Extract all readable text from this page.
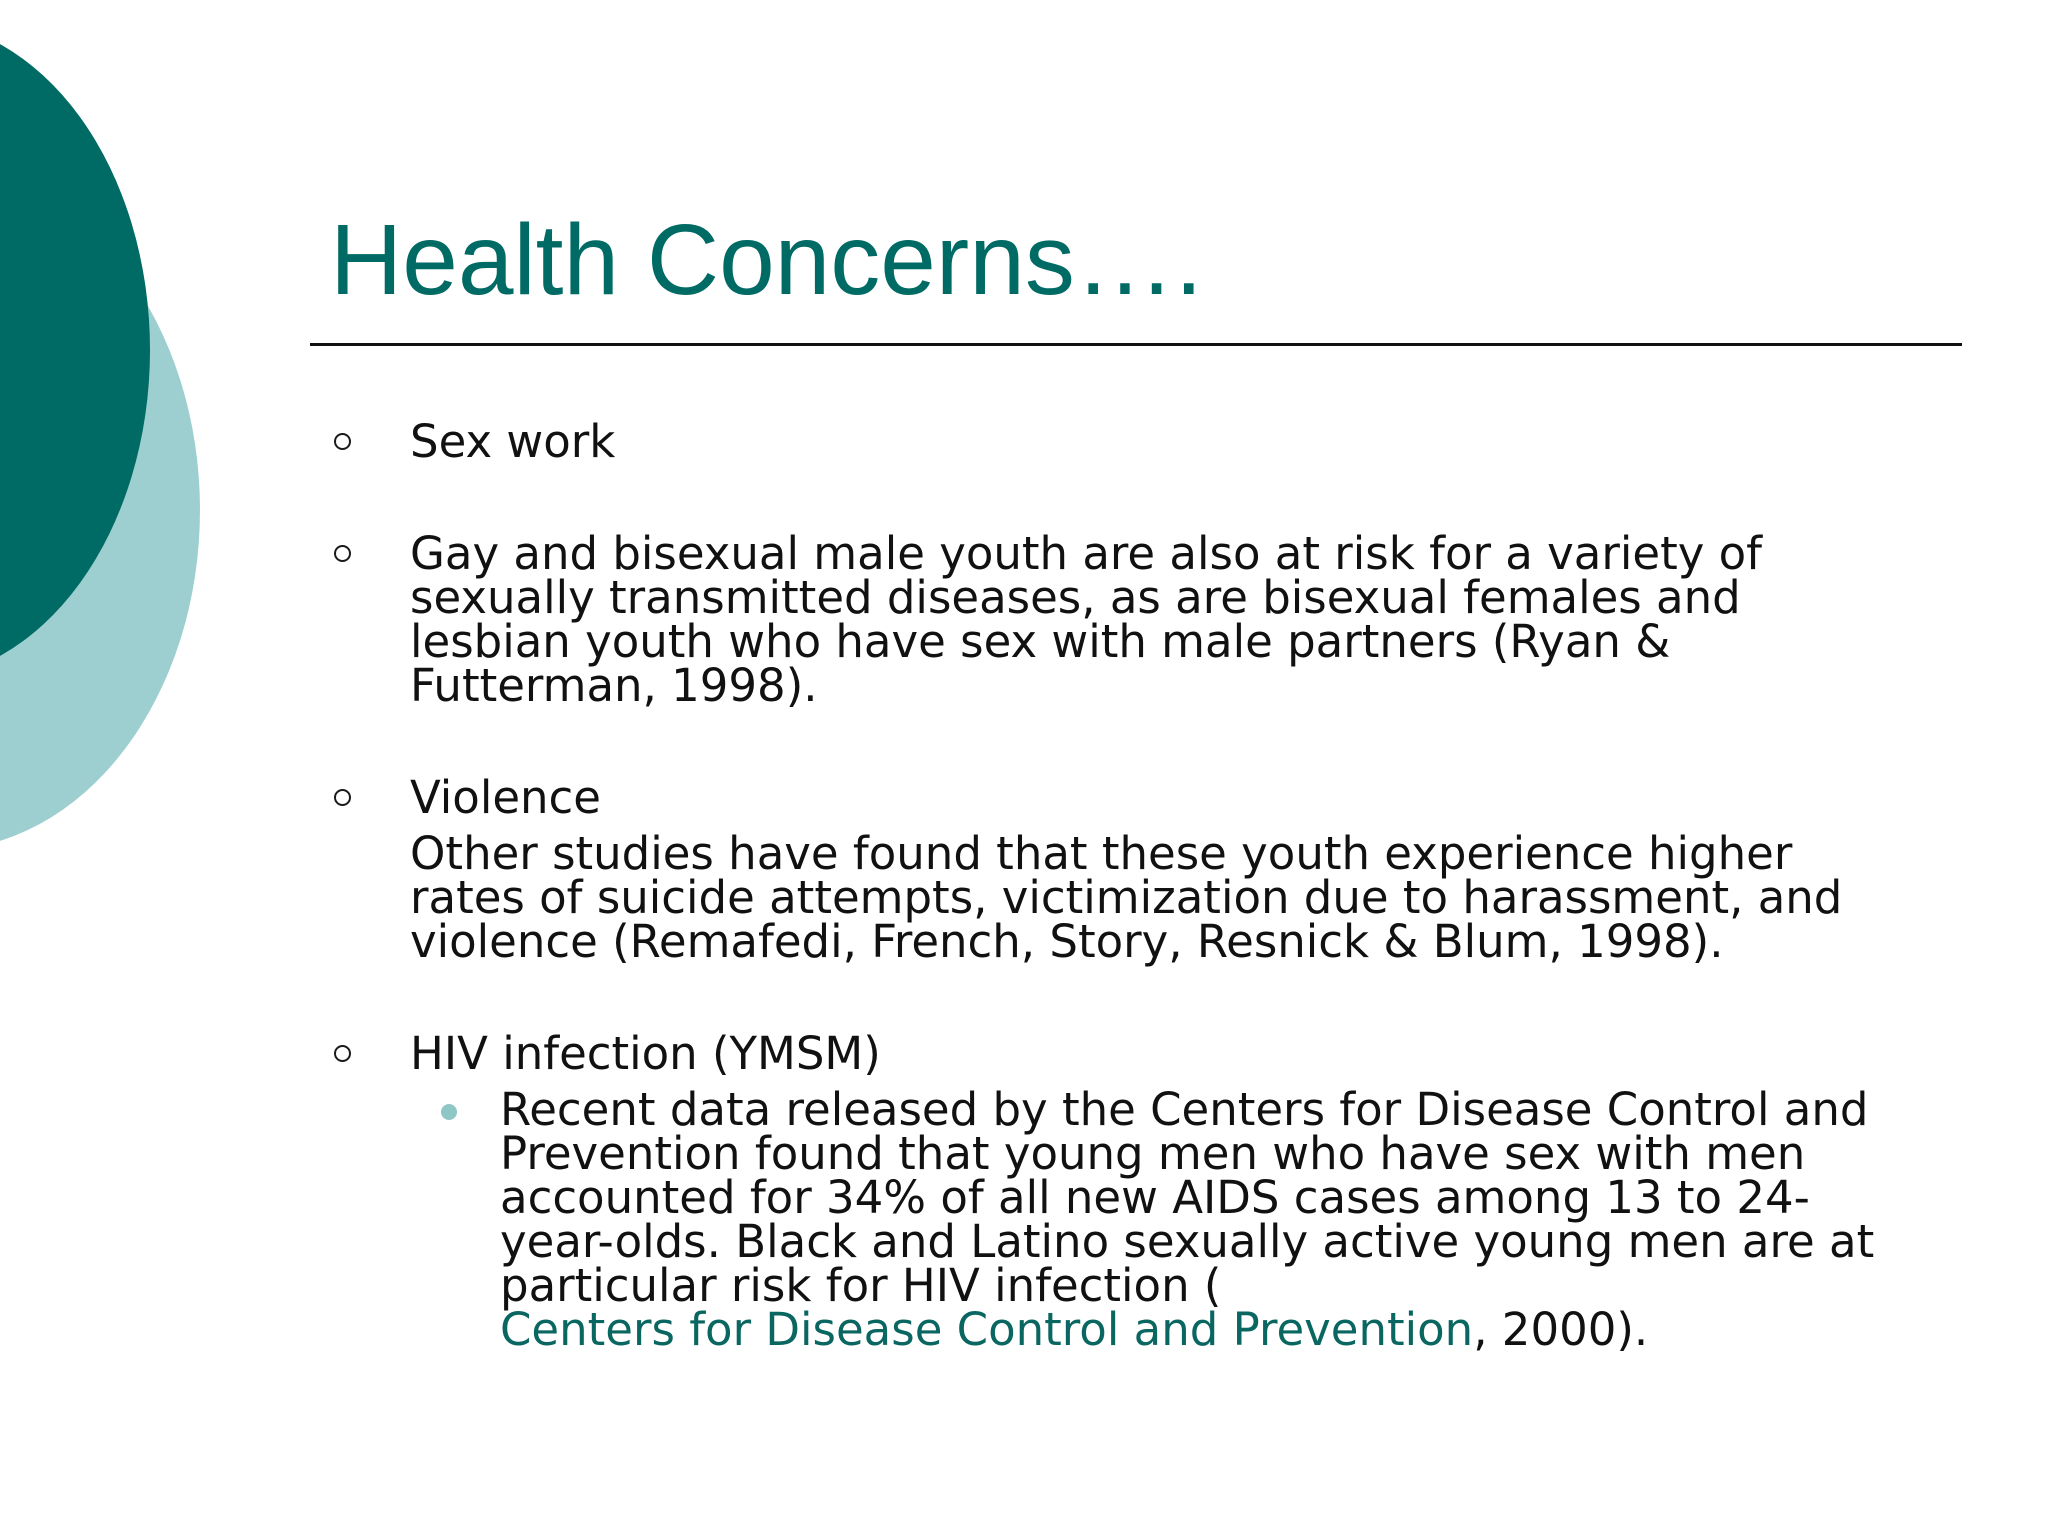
Health Concerns….

Sex work

Gay and bisexual male youth are also at risk for a variety of
sexually transmitted diseases, as are bisexual females and
lesbian youth who have sex with male partners (Ryan &
Futterman, 1998).

Violence

Other studies have found that these youth experience higher
rates of suicide attempts, victimization due to harassment, and
violence (Remafedi, French, Story, Resnick & Blum, 1998).

HIV infection (YMSM)

Recent data released by the Centers for Disease Control and
Prevention found that young men who have sex with men
accounted for 34% of all new AIDS cases among 13 to 24-
year-olds. Black and Latino sexually active young men are at
particular risk for HIV infection (
Centers for Disease Control and Prevention, 2000).
